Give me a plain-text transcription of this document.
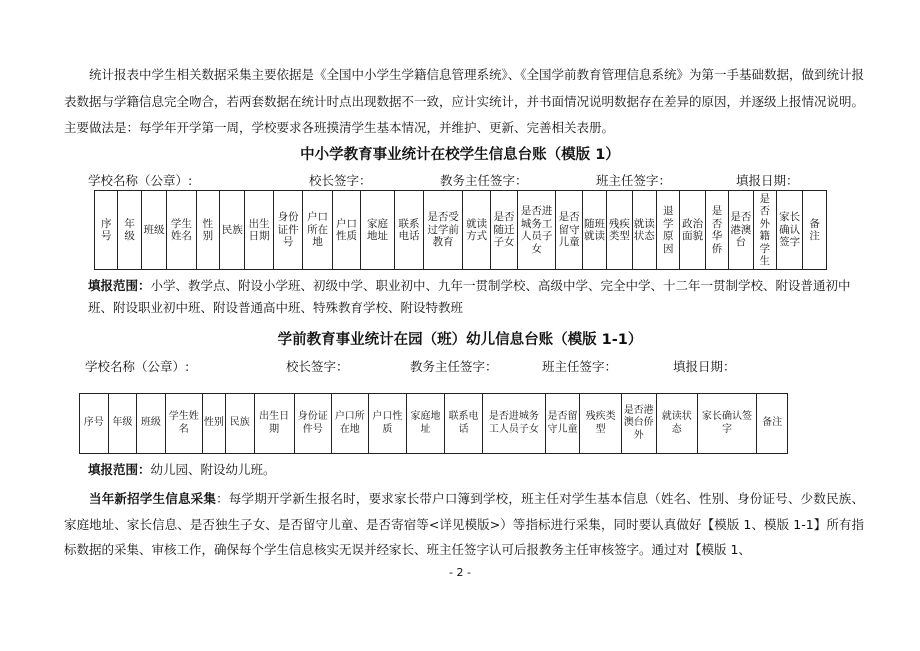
统计报表中学生相关数据采集主要依据是《全国中小学生学籍信息管理系统》、《全国学前教育管理信息系统》为第一手基础数据，做到统计报表数据与学籍信息完全吻合，若两套数据在统计时点出现数据不一致，应计实统计，并书面情况说明数据存在差异的原因，并逐级上报情况说明。主要做法是：每学年开学第一周，学校要求各班摸清学生基本情况，并维护、更新、完善相关表册。

中小学教育事业统计在校学生信息台账（模版 1）

学校名称（公章）:	校长签字：	教务主任签字：	班主任签字：	填报日期：

序号	年级	班级	学生姓名	性别	民族	出生日期	身份证件号	户口所在地	户口性质	家庭地址	联系电话	是否受过学前教育	就读方式	是否随迁子女	是否进城务工人员子女	是否留守儿童	随班就读	残疾类型	就读状态	退学原因	政治面貌	是否华侨	是否港澳台	是否外籍学生	家长确认签字	备注

填报范围：小学、教学点、附设小学班、初级中学、职业初中、九年一贯制学校、高级中学、完全中学、十二年一贯制学校、附设普通初中班、附设职业初中班、附设普通高中班、特殊教育学校、附设特教班

学前教育事业统计在园（班）幼儿信息台账（模版 1-1）

学校名称（公章）:	校长签字：	教务主任签字：	班主任签字：	填报日期：

序号	年级	班级	学生姓名	性别	民族	出生日期	身份证件号	户口所在地	户口性质	家庭地址	联系电话	是否进城务工人员子女	是否留守儿童	残疾类型	是否港澳台侨外	就读状态	家长确认签字	备注

填报范围：幼儿园、附设幼儿班。

当年新招学生信息采集：每学期开学新生报名时，要求家长带户口簿到学校，班主任对学生基本信息（姓名、性别、身份证号、少数民族、家庭地址、家长信息、是否独生子女、是否留守儿童、是否寄宿等<详见模版>）等指标进行采集，同时要认真做好【模版 1、模版 1-1】所有指标数据的采集、审核工作，确保每个学生信息核实无误并经家长、班主任签字认可后报教务主任审核签字。通过对【模版 1、

- 2 -
